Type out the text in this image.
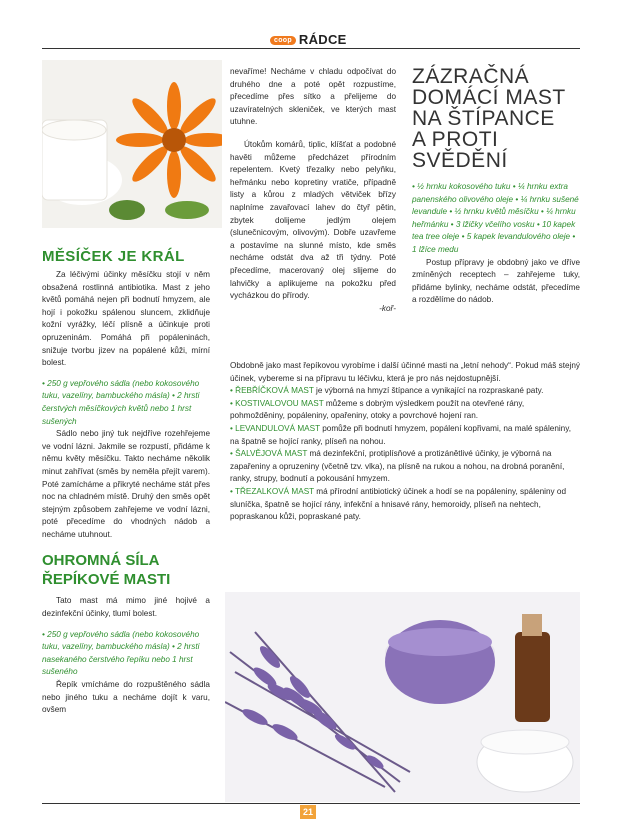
coop RÁDCE
MĚSÍČEK JE KRÁL

Za léčivými účinky měsíčku stojí v něm obsažená rostlinná antibiotika. Mast z jeho květů pomáhá nejen při bodnutí hmyzem, ale hojí i pokožku spálenou sluncem, zklidňuje kožní vyrážky, léčí plísně a účinkuje proti opruzeninám. Pomáhá při popáleninách, snižuje tvorbu jizev na popálené kůži, mírní bolest.

• 250 g vepřového sádla (nebo kokosového tuku, vazelíny, bambuckého másla) • 2 hrsti čerstvých měsíčkových květů nebo 1 hrst sušených

Sádlo nebo jiný tuk nejdříve rozehřejeme ve vodní lázni. Jakmile se rozpustí, přidáme k němu květy měsíčku. Takto necháme několik minut zahřívat (směs by neměla přejít varem). Poté zamícháme a přikryté necháme stát přes noc na chladném místě. Druhý den směs opět stejným způsobem zahřejeme ve vodní lázni, poté přecedíme do vhodných nádob a necháme utuhnout.

OHROMNÁ SÍLA
ŘEPÍKOVÉ MASTI

Tato mast má mimo jiné hojivé a dezinfekční účinky, tlumí bolest.

• 250 g vepřového sádla (nebo kokosového tuku, vazelíny, bambuckého másla) • 2 hrsti nasekaného čerstvého řepíku nebo 1 hrst sušeného

Řepík vmícháme do rozpuštěného sádla nebo jiného tuku a necháme dojít k varu, ovšem

nevaříme! Necháme v chladu odpočívat do druhého dne a poté opět rozpustíme, přecedíme přes sítko a přelijeme do uzavíratelných skleniček, ve kterých mast utuhne.

Útokům komárů, tiplic, klíšťat a podobné havěti můžeme předcházet přírodním repelentem. Kvetý třezalky nebo pelyňku, heřmánku nebo kopretiny vratiče, případně listy a kůrou z mladých větviček břízy naplníme zavařovací lahev do čtyř pětin, zbytek dolijeme jedlým olejem (slunečnicovým, olivovým). Dobře uzavřeme a postavíme na slunné místo, kde směs necháme odstát dva až tři týdny. Poté přecedíme, macerovaný olej slijeme do lahvičky a aplikujeme na pokožku před vycházkou do přírody.

-koř-

ZÁZRAČNÁ
DOMÁCÍ MAST
NA ŠTÍPANCE
A PROTI
SVĚDĚNÍ

• ½ hrnku kokosového tuku • ¼ hrnku extra panenského olivového oleje • ¼ hrnku sušené levandule • ½ hrnku květů měsíčku • ¼ hrnku heřmánku • 3 lžičky včelího vosku • 10 kapek tea tree oleje • 5 kapek levandulového oleje • 1 lžíce medu

Postup přípravy je obdobný jako ve dříve zmíněných receptech – zahřejeme tuky, přidáme bylinky, necháme odstát, přecedíme a rozdělíme do nádob.

Obdobně jako mast řepíkovou vyrobíme i další účinné masti na „letní nehody“. Pokud máš stejný účinek, vybereme si na přípravu tu léčivku, která je pro nás nejdostupnější.

• ŘEBŘÍČKOVÁ MAST je výborná na hmyzí štípance a vynikající na rozpraskané paty.

• KOSTIVALOVOU MAST můžeme s dobrým výsledkem použít na otevřené rány, pohmožděniny, popáleniny, opařeniny, otoky a povrchové hojení ran.

• LEVANDULOVÁ MAST pomůže při bodnutí hmyzem, popálení kopřivami, na malé spáleniny, na špatně se hojící ranky, plíseň na nohou.

• ŠALVĚJOVÁ MAST má dezinfekční, protiplísňové a protizánětlivé účinky, je výborná na zapařeniny a opruzeniny (včetně tzv. vlka), na plísně na rukou a nohou, na drobná poranění, ranky, strupy, bodnutí a pokousání hmyzem.

• TŘEZALKOVÁ MAST má přírodní antibiotický účinek a hodí se na popáleniny, spáleniny od sluníčka, špatně se hojící rány, infekční a hnisavé rány, hemoroidy, plíseň na nehtech, popraskanou kůži, popraskané paty.

21
